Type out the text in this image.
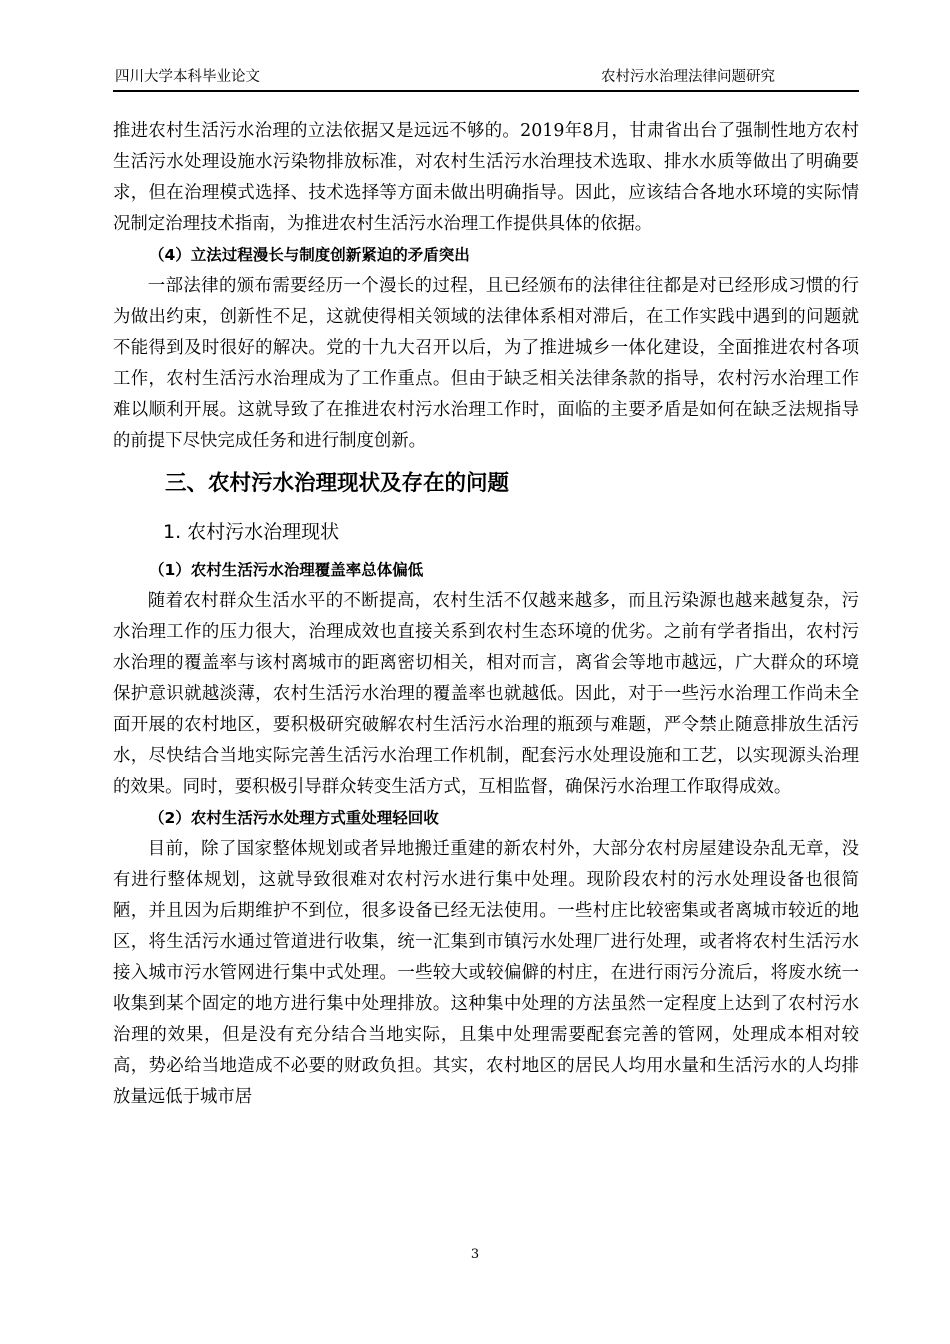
四川大学本科毕业论文	农村污水治理法律问题研究

推进农村生活污水治理的立法依据又是远远不够的。2019年8月，甘肃省出台了强制性地方农村生活污水处理设施水污染物排放标准，对农村生活污水治理技术选取、排水水质等做出了明确要求，但在治理模式选择、技术选择等方面未做出明确指导。因此，应该结合各地水环境的实际情况制定治理技术指南，为推进农村生活污水治理工作提供具体的依据。

（4）立法过程漫长与制度创新紧迫的矛盾突出

一部法律的颁布需要经历一个漫长的过程，且已经颁布的法律往往都是对已经形成习惯的行为做出约束，创新性不足，这就使得相关领域的法律体系相对滞后，在工作实践中遇到的问题就不能得到及时很好的解决。党的十九大召开以后，为了推进城乡一体化建设，全面推进农村各项工作，农村生活污水治理成为了工作重点。但由于缺乏相关法律条款的指导，农村污水治理工作难以顺利开展。这就导致了在推进农村污水治理工作时，面临的主要矛盾是如何在缺乏法规指导的前提下尽快完成任务和进行制度创新。

三、农村污水治理现状及存在的问题
1. 农村污水治理现状
（1）农村生活污水治理覆盖率总体偏低

随着农村群众生活水平的不断提高，农村生活不仅越来越多，而且污染源也越来越复杂，污水治理工作的压力很大，治理成效也直接关系到农村生态环境的优劣。之前有学者指出，农村污水治理的覆盖率与该村离城市的距离密切相关，相对而言，离省会等地市越远，广大群众的环境保护意识就越淡薄，农村生活污水治理的覆盖率也就越低。因此，对于一些污水治理工作尚未全面开展的农村地区，要积极研究破解农村生活污水治理的瓶颈与难题，严令禁止随意排放生活污水，尽快结合当地实际完善生活污水治理工作机制，配套污水处理设施和工艺，以实现源头治理的效果。同时，要积极引导群众转变生活方式，互相监督，确保污水治理工作取得成效。

（2）农村生活污水处理方式重处理轻回收

目前，除了国家整体规划或者异地搬迁重建的新农村外，大部分农村房屋建设杂乱无章，没有进行整体规划，这就导致很难对农村污水进行集中处理。现阶段农村的污水处理设备也很简陋，并且因为后期维护不到位，很多设备已经无法使用。一些村庄比较密集或者离城市较近的地区，将生活污水通过管道进行收集，统一汇集到市镇污水处理厂进行处理，或者将农村生活污水接入城市污水管网进行集中式处理。一些较大或较偏僻的村庄，在进行雨污分流后，将废水统一收集到某个固定的地方进行集中处理排放。这种集中处理的方法虽然一定程度上达到了农村污水治理的效果，但是没有充分结合当地实际，且集中处理需要配套完善的管网，处理成本相对较高，势必给当地造成不必要的财政负担。其实，农村地区的居民人均用水量和生活污水的人均排放量远低于城市居

3
